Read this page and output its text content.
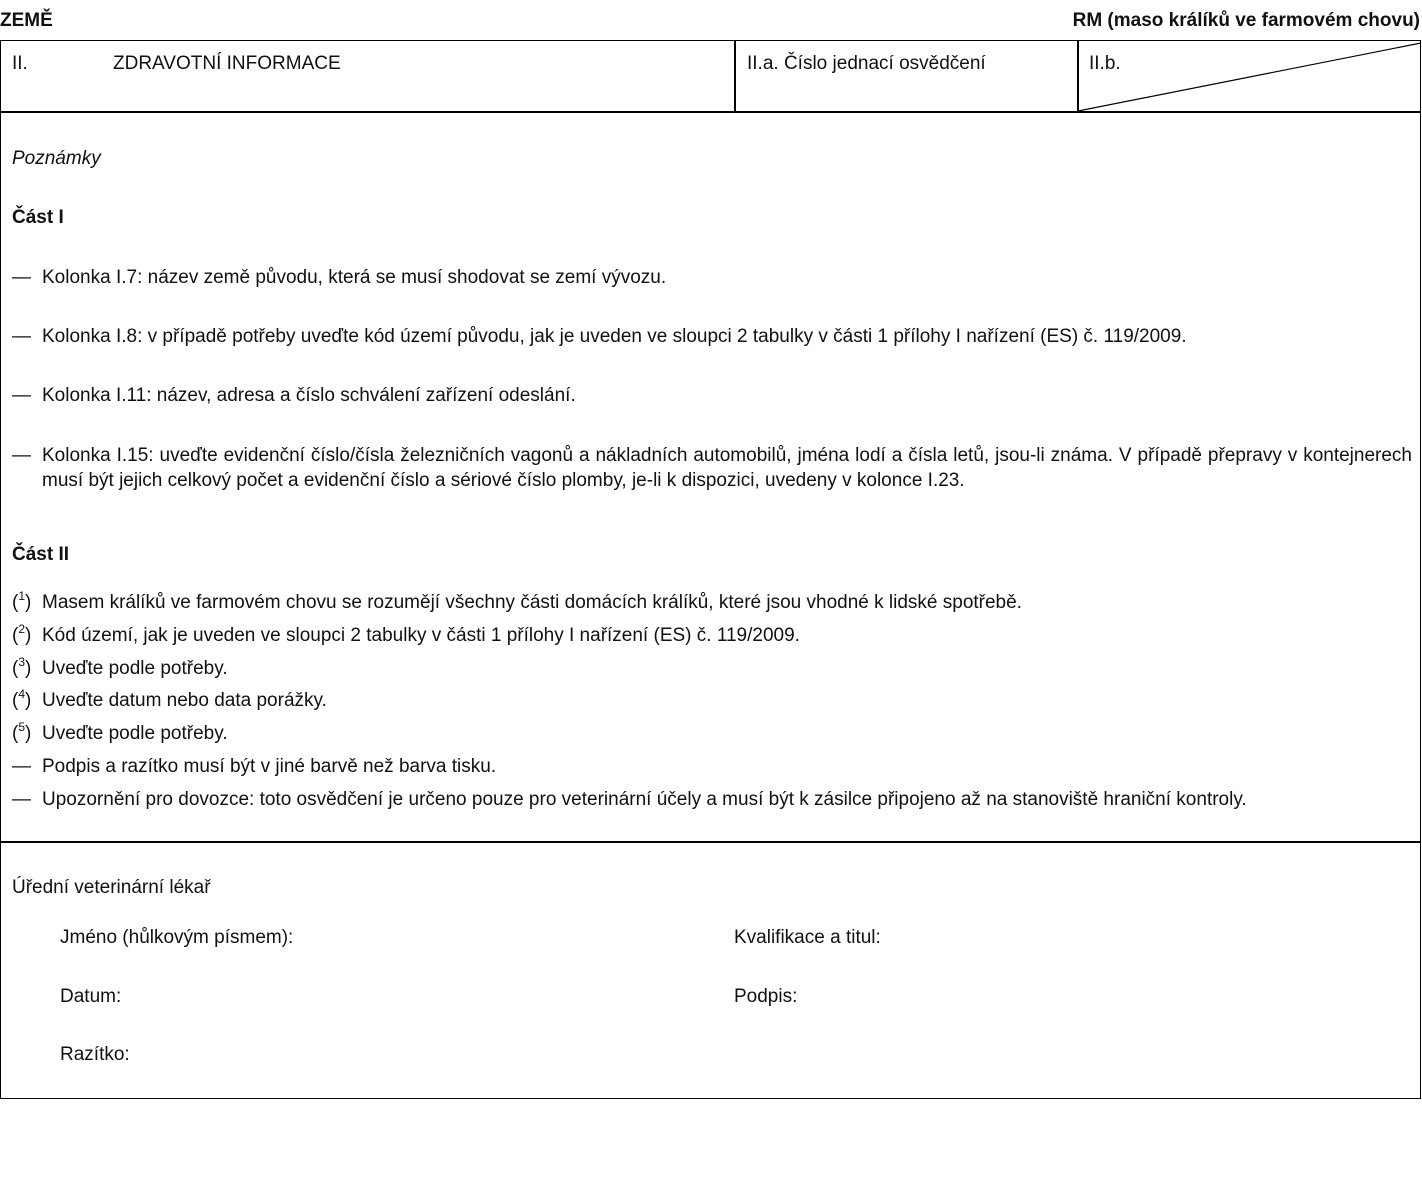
ZEMĚ	RM (maso králíků ve farmovém chovu)
II.	ZDRAVOTNÍ INFORMACE	II.a. Číslo jednací osvědčení	II.b.
Poznámky
Část I
— Kolonka I.7: název země původu, která se musí shodovat se zemí vývozu.
— Kolonka I.8: v případě potřeby uveďte kód území původu, jak je uveden ve sloupci 2 tabulky v části 1 přílohy I nařízení (ES) č. 119/2009.
— Kolonka I.11: název, adresa a číslo schválení zařízení odeslání.
— Kolonka I.15: uveďte evidenční číslo/čísla železničních vagonů a nákladních automobilů, jména lodí a čísla letů, jsou-li známa. V případě přepravy v kontejnerech musí být jejich celkový počet a evidenční číslo a sériové číslo plomby, je-li k dispozici, uvedeny v kolonce I.23.
Část II
($^1$) Masem králíků ve farmovém chovu se rozumějí všechny části domácích králíků, které jsou vhodné k lidské spotřebě.
($^2$) Kód území, jak je uveden ve sloupci 2 tabulky v části 1 přílohy I nařízení (ES) č. 119/2009.
($^3$) Uveďte podle potřeby.
($^4$) Uveďte datum nebo data porážky.
($^5$) Uveďte podle potřeby.
— Podpis a razítko musí být v jiné barvě než barva tisku.
— Upozornění pro dovozce: toto osvědčení je určeno pouze pro veterinární účely a musí být k zásilce připojeno až na stanoviště hraniční kontroly.
Úřední veterinární lékař
Jméno (hůlkovým písmem):	Kvalifikace a titul:
Datum:	Podpis:
Razítko:
